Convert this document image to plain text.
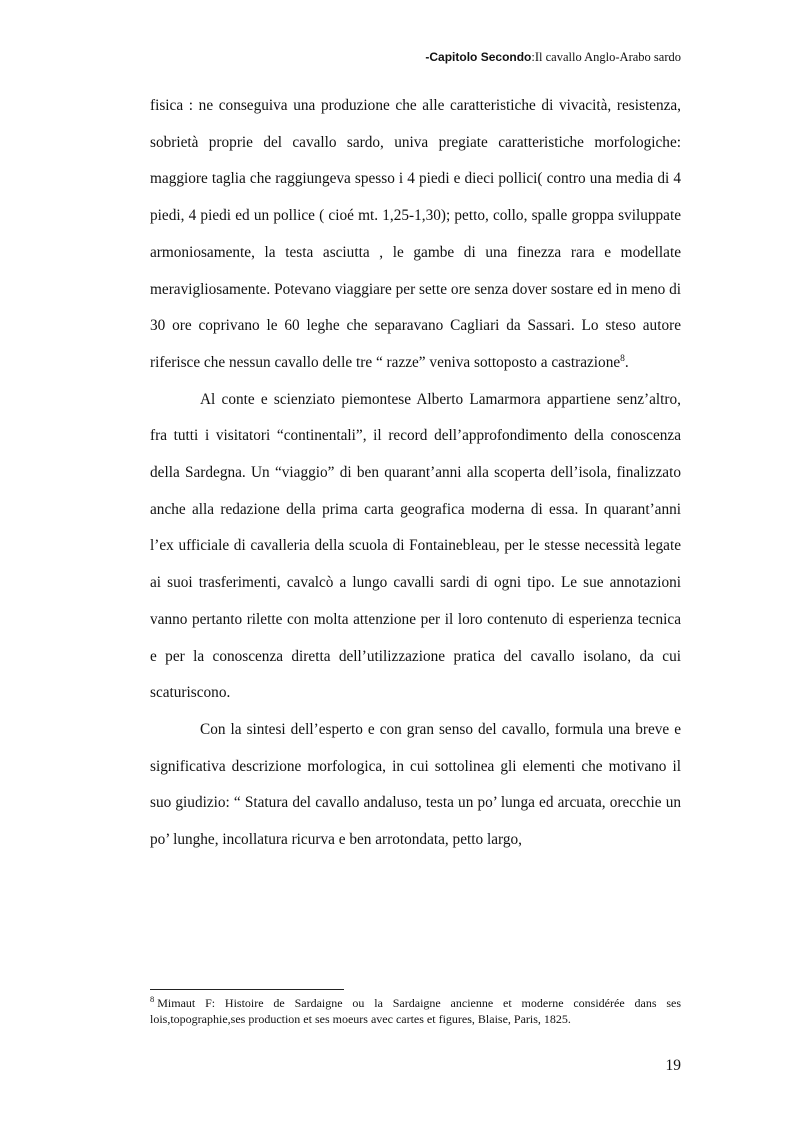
-Capitolo Secondo:Il cavallo Anglo-Arabo sardo

fisica : ne conseguiva una produzione che alle caratteristiche di vivacità, resistenza, sobrietà proprie del cavallo sardo, univa pregiate caratteristiche morfologiche: maggiore taglia che raggiungeva spesso i 4 piedi e dieci pollici( contro una media di 4 piedi, 4 piedi ed un pollice ( cioé mt. 1,25-1,30); petto, collo, spalle groppa sviluppate armoniosamente, la testa asciutta , le gambe di una finezza rara e modellate meravigliosamente. Potevano viaggiare per sette ore senza dover sostare ed in meno di 30 ore coprivano le 60 leghe che separavano Cagliari da Sassari. Lo steso autore riferisce che nessun cavallo delle tre “ razze” veniva sottoposto a castrazione$^8$.

Al conte e scienziato piemontese Alberto Lamarmora appartiene senz’altro, fra tutti i visitatori “continentali”, il record dell’approfondimento della conoscenza della Sardegna. Un “viaggio” di ben quarant’anni alla scoperta dell’isola, finalizzato anche alla redazione della prima carta geografica moderna di essa. In quarant’anni l’ex ufficiale di cavalleria della scuola di Fontainebleau, per le stesse necessità legate ai suoi trasferimenti, cavalcò a lungo cavalli sardi di ogni tipo. Le sue annotazioni vanno pertanto rilette con molta attenzione per il loro contenuto di esperienza tecnica e per la conoscenza diretta dell’utilizzazione pratica del cavallo isolano, da cui scaturiscono.

Con la sintesi dell’esperto e con gran senso del cavallo, formula una breve e significativa descrizione morfologica, in cui sottolinea gli elementi che motivano il suo giudizio: “ Statura del cavallo andaluso, testa un po’ lunga ed arcuata, orecchie un po’ lunghe, incollatura ricurva e ben arrotondata, petto largo,

$^8$ Mimaut F: Histoire de Sardaigne ou la Sardaigne ancienne et moderne considérée dans ses lois,topographie,ses production et ses moeurs avec cartes et figures, Blaise, Paris, 1825.
19
